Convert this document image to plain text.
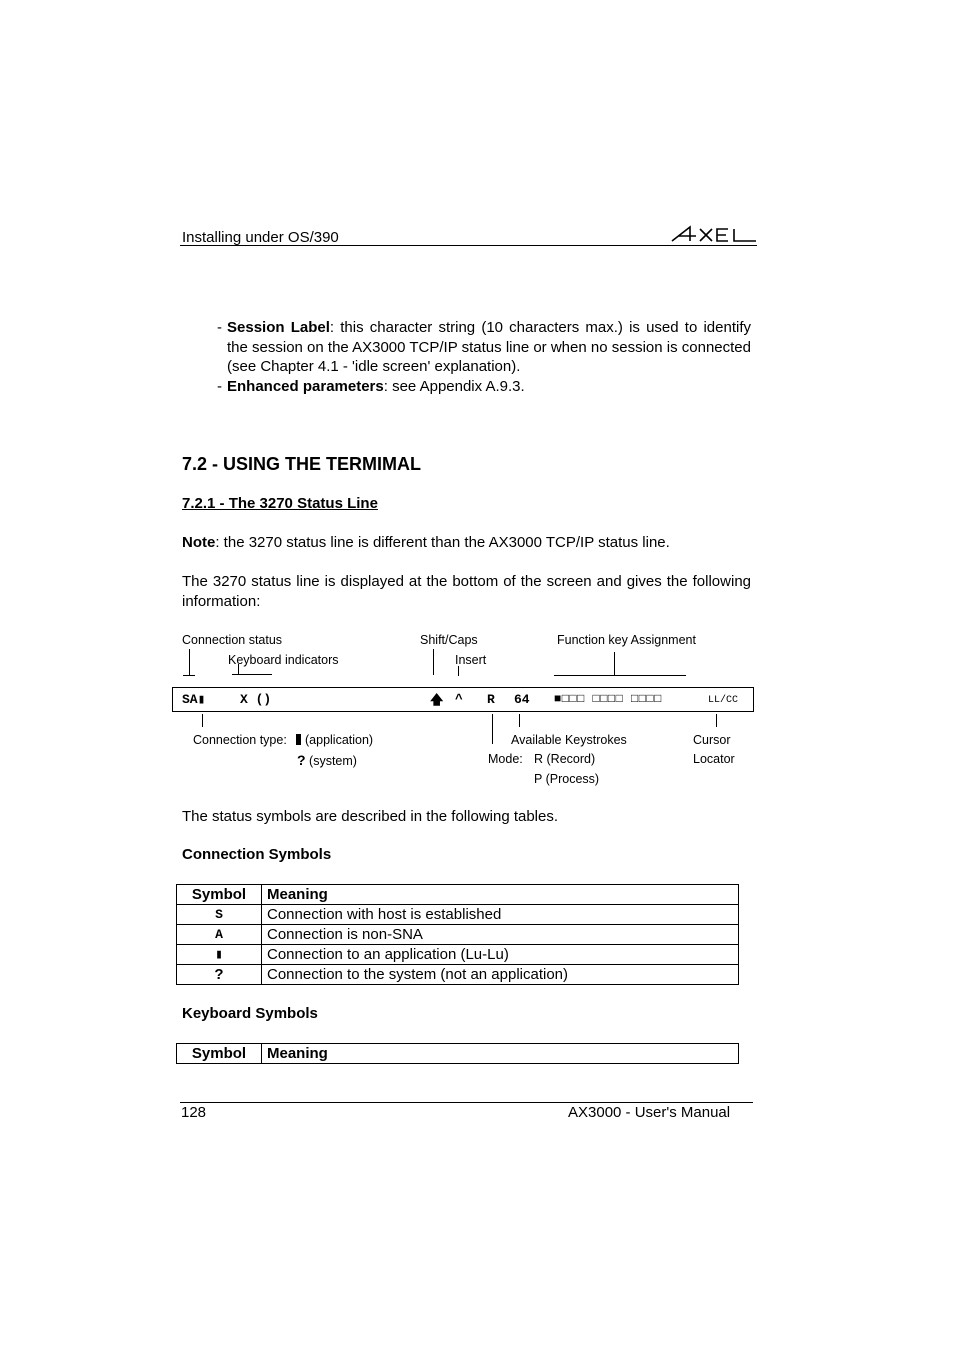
Installing under OS/390
- Session Label: this character string (10 characters max.) is used to identify the session on the AX3000 TCP/IP status line or when no session is connected (see Chapter 4.1 - 'idle screen' explanation).
- Enhanced parameters: see Appendix A.9.3.
7.2 - USING THE TERMIMAL
7.2.1 - The 3270 Status Line
Note: the 3270 status line is different than the AX3000 TCP/IP status line.
The 3270 status line is displayed at the bottom of the screen and gives the following information:
Connection status
Keyboard indicators
Shift/Caps
Insert
Function key Assignment
SA▮	X ()	🡅 ^ R 64 ■□□□ □□□□ □□□□	LL/CC
Connection type:	(application)
? (system)
Available Keystrokes
Mode: R (Record)
P (Process)
Cursor
Locator
The status symbols are described in the following tables.
Connection Symbols
Symbol	Meaning
S	Connection with host is established
A	Connection is non-SNA
▮	Connection to an application (Lu-Lu)
?	Connection to the system (not an application)
Keyboard Symbols
Symbol	Meaning
128	AX3000 - User's Manual
